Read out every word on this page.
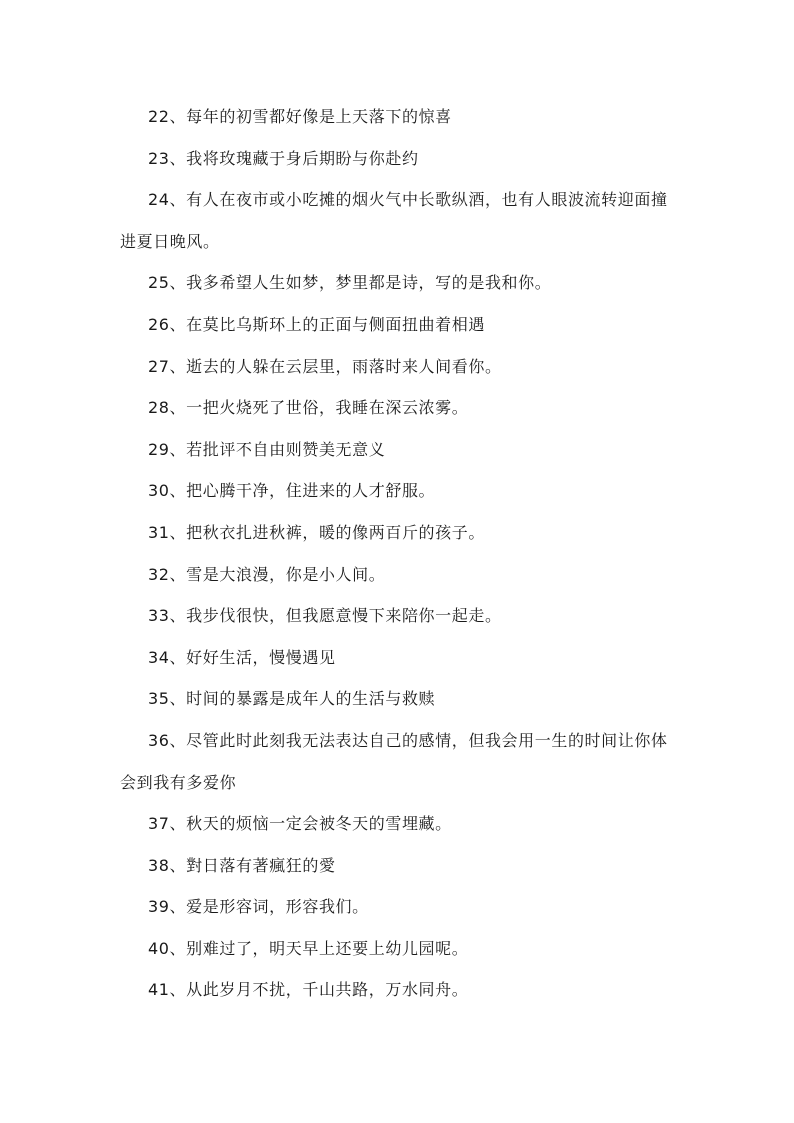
22、每年的初雪都好像是上天落下的惊喜

23、我将玫瑰藏于身后期盼与你赴约

24、有人在夜市或小吃摊的烟火气中长歌纵酒，也有人眼波流转迎面撞进夏日晚风。

25、我多希望人生如梦，梦里都是诗，写的是我和你。

26、在莫比乌斯环上的正面与侧面扭曲着相遇

27、逝去的人躲在云层里，雨落时来人间看你。

28、一把火烧死了世俗，我睡在深云浓雾。

29、若批评不自由则赞美无意义

30、把心腾干净，住进来的人才舒服。

31、把秋衣扎进秋裤，暖的像两百斤的孩子。

32、雪是大浪漫，你是小人间。

33、我步伐很快，但我愿意慢下来陪你一起走。

34、好好生活，慢慢遇见

35、时间的暴露是成年人的生活与救赎

36、尽管此时此刻我无法表达自己的感情，但我会用一生的时间让你体会到我有多爱你

37、秋天的烦恼一定会被冬天的雪埋藏。

38、對日落有著瘋狂的愛

39、爱是形容词，形容我们。

40、别难过了，明天早上还要上幼儿园呢。

41、从此岁月不扰，千山共路，万水同舟。
